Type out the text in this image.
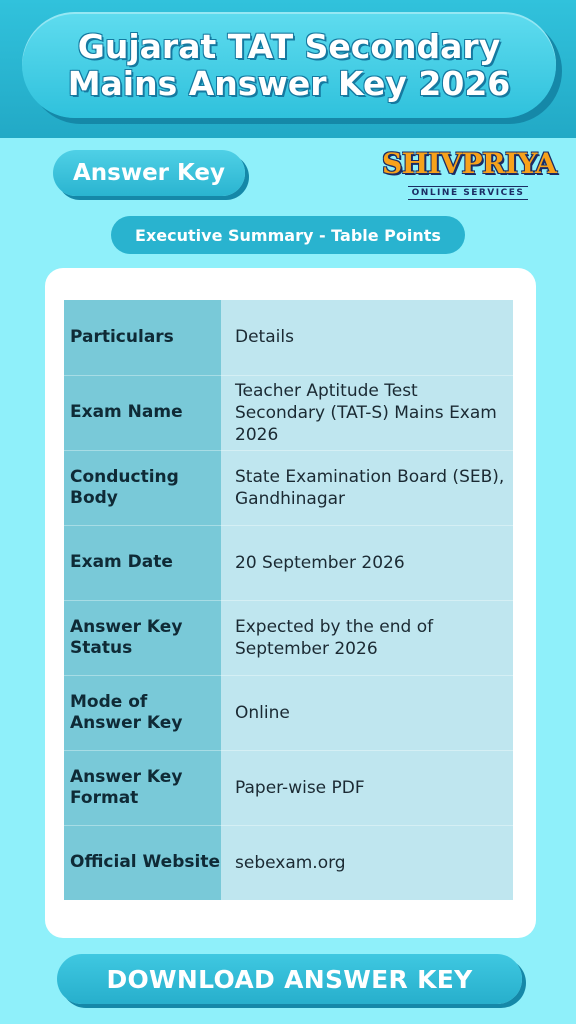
Gujarat TAT Secondary Mains Answer Key 2026
Answer Key	SHIVPRIYA
ONLINE SERVICES
Executive Summary - Table Points
Particulars	Details
Exam Name	Teacher Aptitude Test Secondary (TAT-S) Mains Exam 2026
Conducting Body	State Examination Board (SEB), Gandhinagar
Exam Date	20 September 2026
Answer Key Status	Expected by the end of September 2026
Mode of Answer Key	Online
Answer Key Format	Paper-wise PDF
Official Website	sebexam.org
DOWNLOAD ANSWER KEY
